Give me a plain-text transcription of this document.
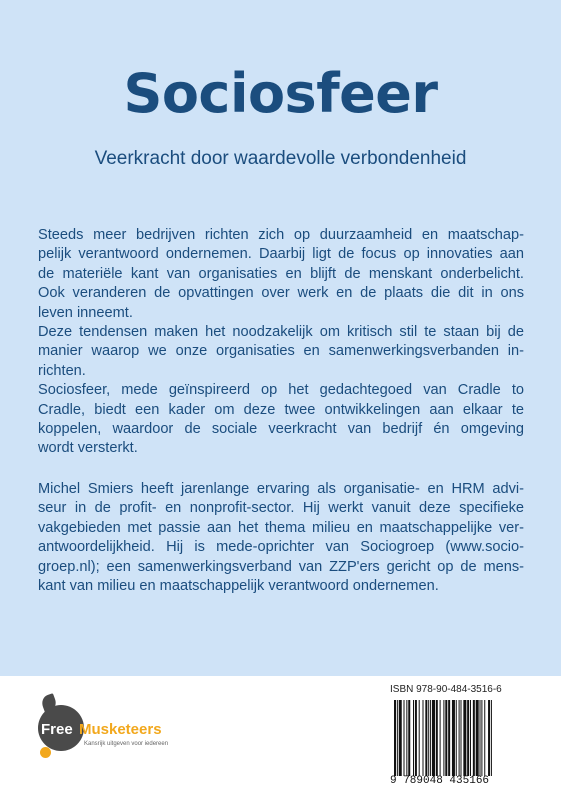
Sociosfeer
Veerkracht door waardevolle verbondenheid
Steeds meer bedrijven richten zich op duurzaamheid en maatschap-
pelijk verantwoord ondernemen. Daarbij ligt de focus op innovaties aan
de materiële kant van organisaties en blijft de menskant onderbelicht.
Ook veranderen de opvattingen over werk en de plaats die dit in ons
leven inneemt.
Deze tendensen maken het noodzakelijk om kritisch stil te staan bij de
manier waarop we onze organisaties en samenwerkingsverbanden in-
richten.
Sociosfeer, mede geïnspireerd op het gedachtegoed van Cradle to
Cradle, biedt een kader om deze twee ontwikkelingen aan elkaar te
koppelen, waardoor de sociale veerkracht van bedrijf én omgeving
wordt versterkt.
Michel Smiers heeft jarenlange ervaring als organisatie- en HRM advi-
seur in de profit- en nonprofit-sector. Hij werkt vanuit deze specifieke
vakgebieden met passie aan het thema milieu en maatschappelijke ver-
antwoordelijkheid. Hij is mede-oprichter van Sociogroep (www.socio-
groep.nl); een samenwerkingsverband van ZZP'ers gericht op de mens-
kant van milieu en maatschappelijk verantwoord ondernemen.
Free Musketeers
Kansrijk uitgeven voor iedereen
ISBN 978-90-484-3516-6
9 789048 435166
